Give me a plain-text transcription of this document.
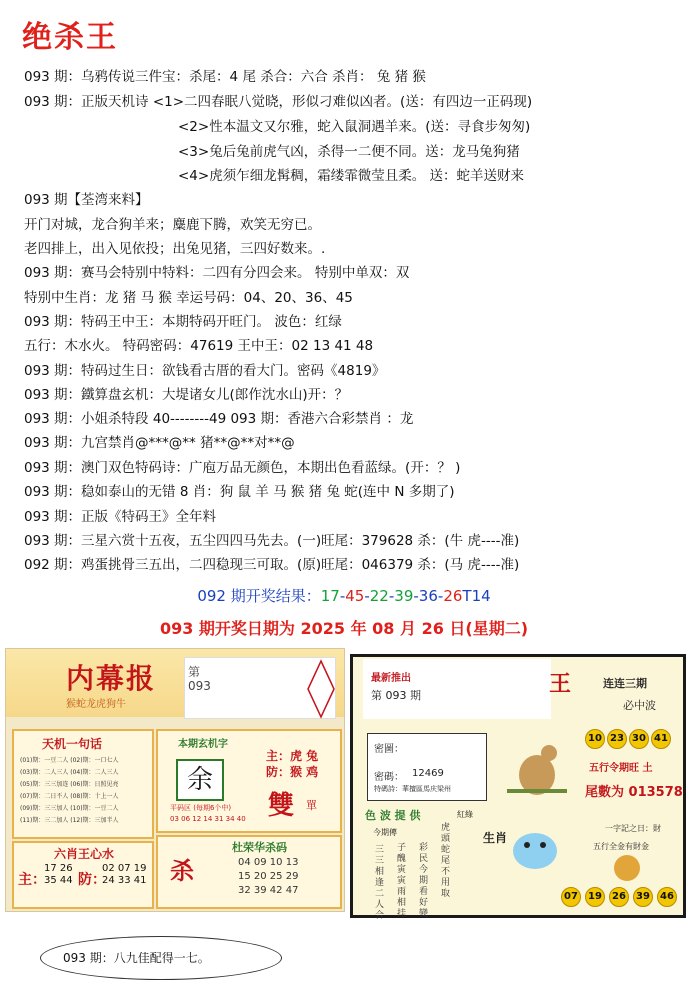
绝杀王
093 期：乌鸦传说三件宝：杀尾：4 尾 杀合：六合 杀肖： 兔 猪 猴
093 期：正版天机诗 <1>二四春眠八觉晓，形似刁难似凶者。(送：有四边一正码现)
<2>性本温文又尔雅，蛇入鼠洞遇羊来。(送：寻食步匆匆)
<3>兔后兔前虎气凶，杀得一二便不同。送：龙马兔狗猪
<4>虎须乍细龙髯稠，霜缕霏微莹且柔。 送：蛇羊送财来
093 期【荃湾来料】
开门对城，龙合狗羊来；麋鹿下腾，欢笑无穷已。
老四排上，出入见依投；出兔见猪，三四好数来。.
093 期：赛马会特别中特料：二四有分四会来。 特别中单双：双
特别中生肖：龙 猪 马 猴 幸运号码：04、20、36、45
093 期：特码王中王：本期特码开旺门。 波色：红绿
五行：木水火。 特码密码：47619 王中王：02 13 41 48
093 期：特码过生日：欲钱看古厝的看大门。密码《4819》
093 期：鐵算盘玄机：大堤诸女儿(郎作沈水山)开：？
093 期：小姐杀特段 40--------49 093 期：香港六合彩禁肖 ：龙
093 期：九宫禁肖@***@** 猪**@**对**@
093 期：澳门双色特码诗：广庖万品无颜色，本期出色看蓝绿。(开：？ )
093 期：稳如泰山的无错 8 肖：狗 鼠 羊 马 猴 猪 兔 蛇(连中 N 多期了)
093 期：正版《特码王》全年料
093 期：三星六赏十五夜，五尘四四马先去。(一)旺尾：379628 杀：(牛 虎----准)
092 期：鸡蛋挑骨三五出，二四稳现三可取。(原)旺尾：046379 杀：(马 虎----准)
092 期开奖结果：17-45-22-39-36-26T14
093 期开奖日期为 2025 年 08 月 26 日(星期二)
内幕报
猴蛇龙虎狗牛
第
093
天机一句话
(01)期：一豆二人 (02)期：一口七人
(03)期：二人三人 (04)期：二人三人
(05)期：三三加连 (06)期：日照见亮
(07)期：二日不人 (08)期：十上一人
(09)期：三三加人 (10)期：一豆二人
(11)期：三二加人 (12)期：三加半人
六肖王心水
主：
17 26
35 44 防：
02 07 19
24 33 41
本期玄机字
余
主：虎 兔
防：猴 鸡
雙 單
平码区 (每期6个中)
03 06 12 14 31 34 40
杀
杜荣华杀码
04 09 10 13
15 20 25 29
32 39 42 47
最新推出
第 093 期	王	连连三期
必中波
10 23 30 41
密圖：
密碼： 12469
特碼詩：華擅區馬庆梁州
五行令期旺 土
尾數为 013578
色 波 提 供	紅綠
今期傳
三三相逢二人合
子醜寅寅雨相挂
彩民今期看好變
虎頭蛇尾不用取
生肖
一字記之日：財
五行全金有財金
07	19	26	39	46
093 期：八九佳配得一七。
